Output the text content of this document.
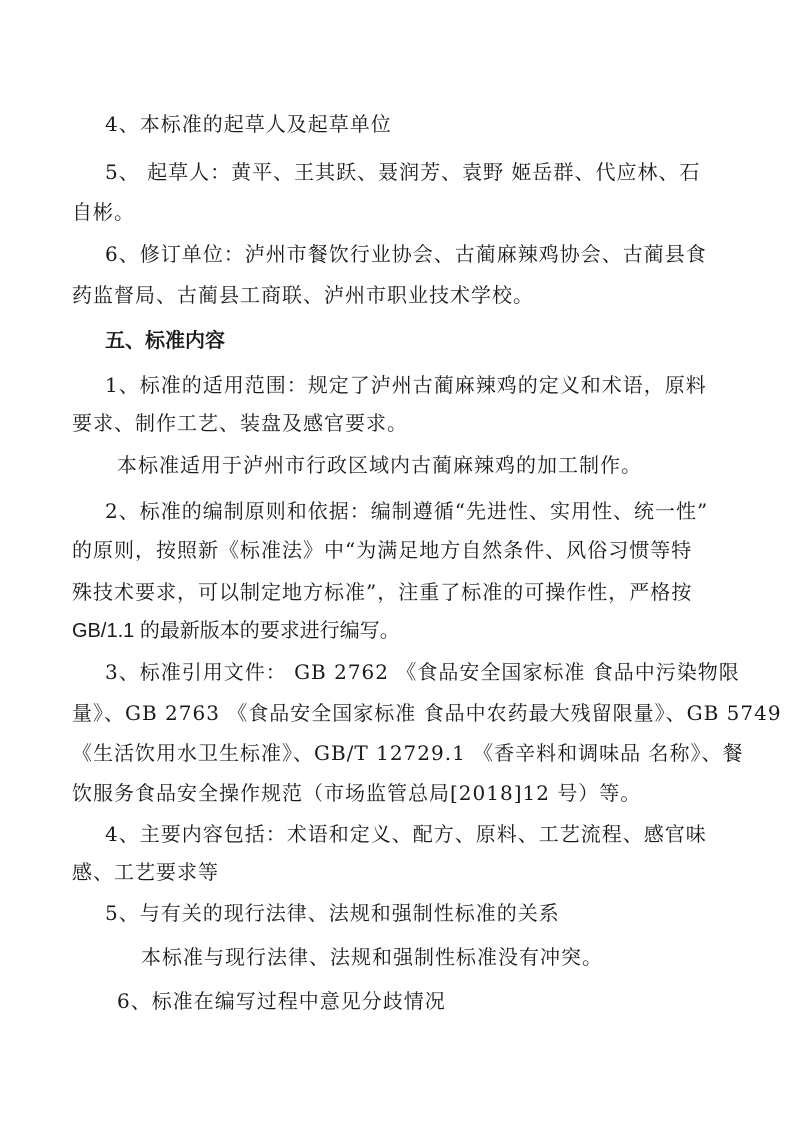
4、本标准的起草人及起草单位
5、 起草人：黄平、王其跃、聂润芳、袁野 姬岳群、代应林、石
自彬。
6、修订单位：泸州市餐饮行业协会、古蔺麻辣鸡协会、古蔺县食
药监督局、古蔺县工商联、泸州市职业技术学校。
五、标准内容
1、标准的适用范围：规定了泸州古蔺麻辣鸡的定义和术语，原料
要求、制作工艺、装盘及感官要求。
本标准适用于泸州市行政区域内古蔺麻辣鸡的加工制作。
2、标准的编制原则和依据：编制遵循“先进性、实用性、统一性”
的原则，按照新《标准法》中“为满足地方自然条件、风俗习惯等特
殊技术要求，可以制定地方标准”，注重了标准的可操作性，严格按
GB/1.1 的最新版本的要求进行编写。
3、标准引用文件： GB 2762 《食品安全国家标准 食品中污染物限
量》、GB 2763 《食品安全国家标准 食品中农药最大残留限量》、GB 5749
《生活饮用水卫生标准》、GB/T 12729.1 《香辛料和调味品 名称》、餐
饮服务食品安全操作规范（市场监管总局[2018]12 号）等。
4、主要内容包括：术语和定义、配方、原料、工艺流程、感官味
感、工艺要求等
5、与有关的现行法律、法规和强制性标准的关系
本标准与现行法律、法规和强制性标准没有冲突。
6、标准在编写过程中意见分歧情况
